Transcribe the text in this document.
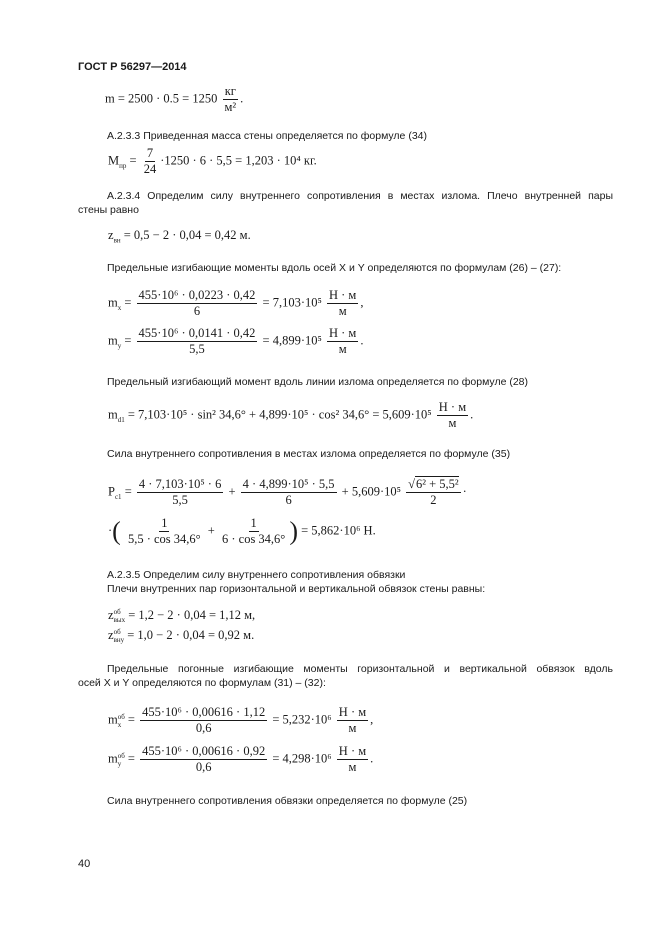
ГОСТ Р 56297—2014
$m = 2500 \cdot 0.5 = 1250 \frac{кг}{\text{м²}}$ .
А.2.3.3 Приведенная масса стены определяется по формуле (34)
$M_{пр} = \frac{7}{24} \cdot 1250 \cdot 6 \cdot 5,5 = 1,203 \cdot 10^4$ кг.
А.2.3.4 Определим силу внутреннего сопротивления в местах излома. Плечо внутренней пары
стены равно
$z_{вн} = 0,5 - 2 \cdot 0,04 = 0,42$ м.
Предельные изгибающие моменты вдоль осей X и Y определяются по формулам (26) – (27):
$m_x = \frac{\text{455·10⁶ · 0,0223 · 0,42}}{6} = 7,103\cdot 10^5 \frac{Н \cdot м}{м}$ ,
$m_y = \frac{\text{455·10⁶ · 0,0141 · 0,42}}{5,5} = 4,899\cdot 10^5 \frac{Н \cdot м}{м}$ .
Предельный изгибающий момент вдоль линии излома определяется по формуле (28)
$m_{d1} = 7,103\cdot 10^5 \cdot \sin^2$ 34,6° + 4,899·10⁵ · cos² $34,6^\circ = 5,609\cdot 10^5 \frac{Н \cdot м}{м}$ .
Сила внутреннего сопротивления в местах излома определяется по формуле (35)
$P_{c1} = \frac{\text{4 · 7,103·10⁵ · 6}}{5,5} + \frac{\text{4 · 4,899·10⁵ · 5,5}}{6} + 5,609\cdot 10^5 \frac{\text{√6² + 5,5²}}{2}$ ·
·( $\frac{1}{5,5 \cdot \cos 34,6^\circ} + \frac{1}{6 \cdot \cos 34,6^\circ}$ ) = 5,862·10⁶ Н.
А.2.3.5 Определим силу внутреннего сопротивления обвязки
Плечи внутренних пар горизонтальной и вертикальной обвязок стены равны:
z об
вых = 1,2 − 2 · 0,04 = 1,12 м,
z об
вну = 1,0 − 2 · 0,04 = 0,92 м.
Предельные погонные изгибающие моменты горизонтальной и вертикальной обвязок вдоль
осей X и Y определяются по формулам (31) – (32):
m об
$x = \frac{\text{455·10⁶ · 0,00616 · 1,12}}{0,6} = 5,232\cdot 10^6 \frac{Н \cdot м}{м}$ ,
m об
$y = \frac{\text{455·10⁶ · 0,00616 · 0,92}}{0,6} = 4,298\cdot 10^6 \frac{Н \cdot м}{м}$ .
Сила внутреннего сопротивления обвязки определяется по формуле (25)
40
